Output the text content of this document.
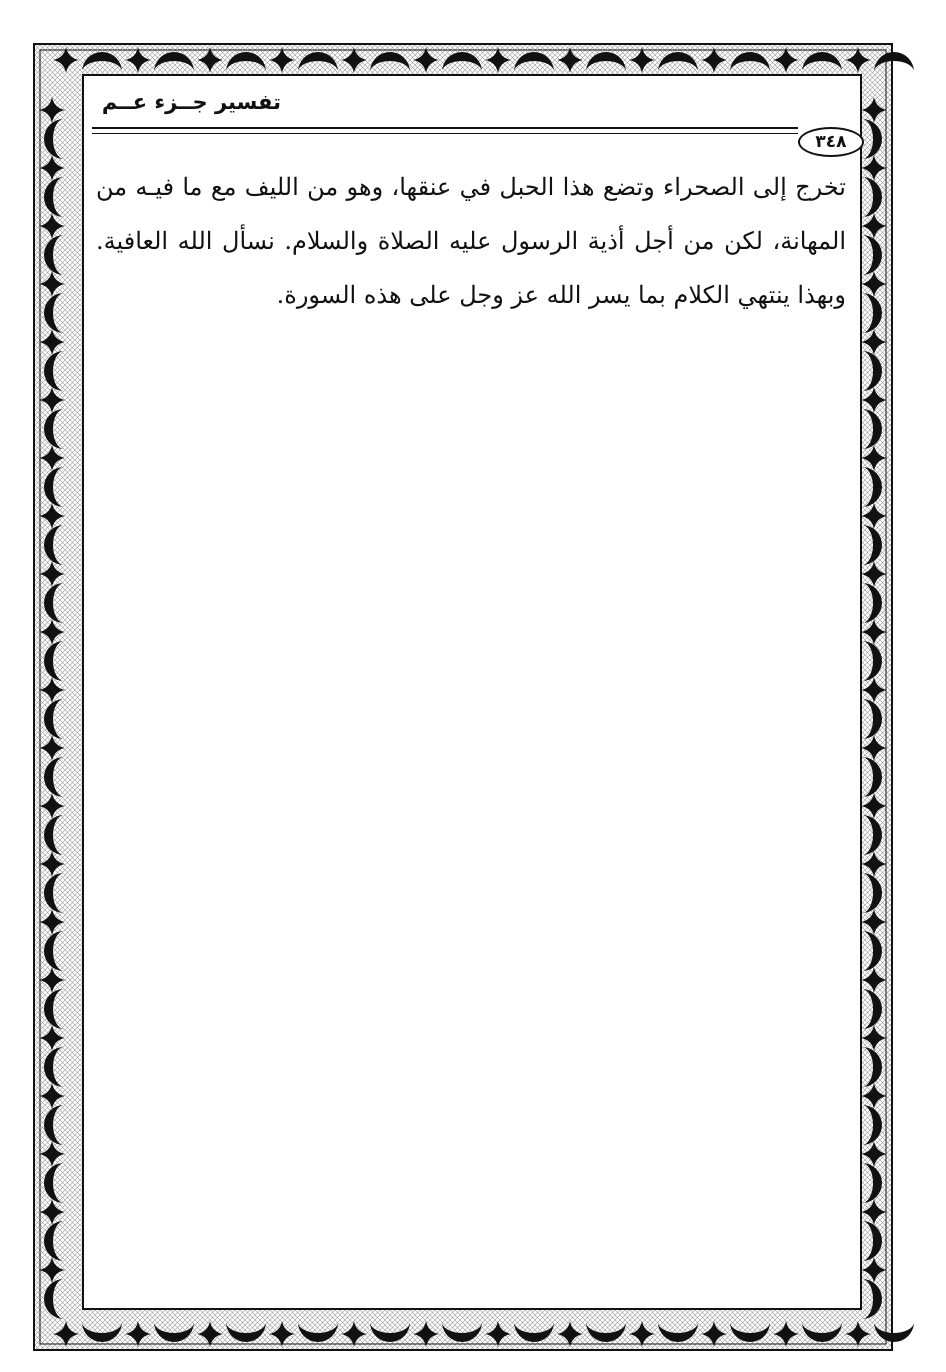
تفسير جــزء عــم
٣٤٨

تخرج إلى الصحراء وتضع هذا الحبل في عنقها، وهو من الليف مع ما فيـه من المهانة، لكن من أجل أذية الرسول عليه الصلاة والسلام. نسأل الله العافية. وبهذا ينتهي الكلام بما يسر الله عز وجل على هذه السورة.
